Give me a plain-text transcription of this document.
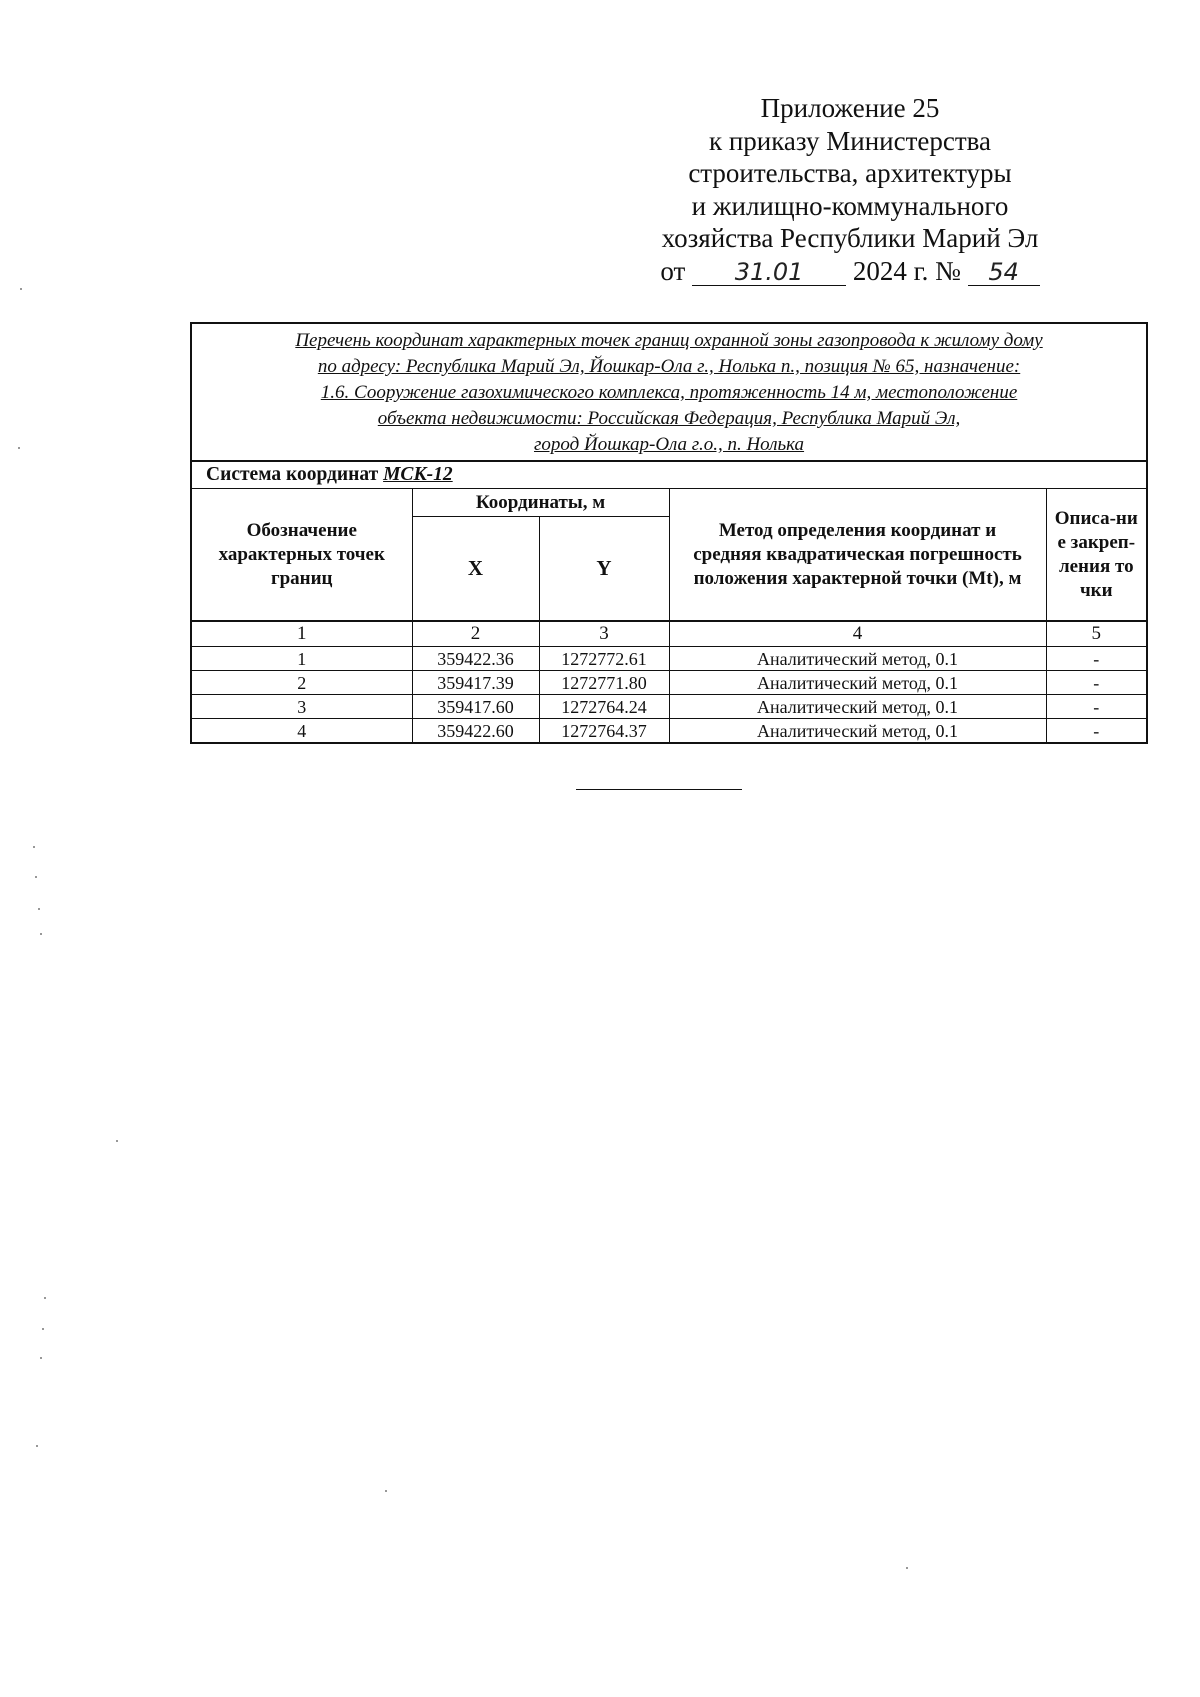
Приложение 25
к приказу Министерства
строительства, архитектуры
и жилищно-коммунального
хозяйства Республики Марий Эл
от 31.01 2024 г. № 54
Перечень координат характерных точек границ охранной зоны газопровода к жилому дому
по адресу: Республика Марий Эл, Йошкар-Ола г., Нолька п., позиция № 65, назначение:
1.6. Сооружение газохимического комплекса, протяженность 14 м, местоположение
объекта недвижимости: Российская Федерация, Республика Марий Эл,
город Йошкар-Ола г.о., п. Нолька				

Система координат МСК-12				
Обозначение характерных точек границ	Координаты, м		Метод определения координат и средняя квадратическая погрешность положения характерной точки (Mt), м	Описа-ние закреп-ления точки
	X	Y		
1	2	3	4	5
1	359422.36	1272772.61	Аналитический метод, 0.1	-
2	359417.39	1272771.80	Аналитический метод, 0.1	-
3	359417.60	1272764.24	Аналитический метод, 0.1	-
4	359422.60	1272764.37	Аналитический метод, 0.1	-
